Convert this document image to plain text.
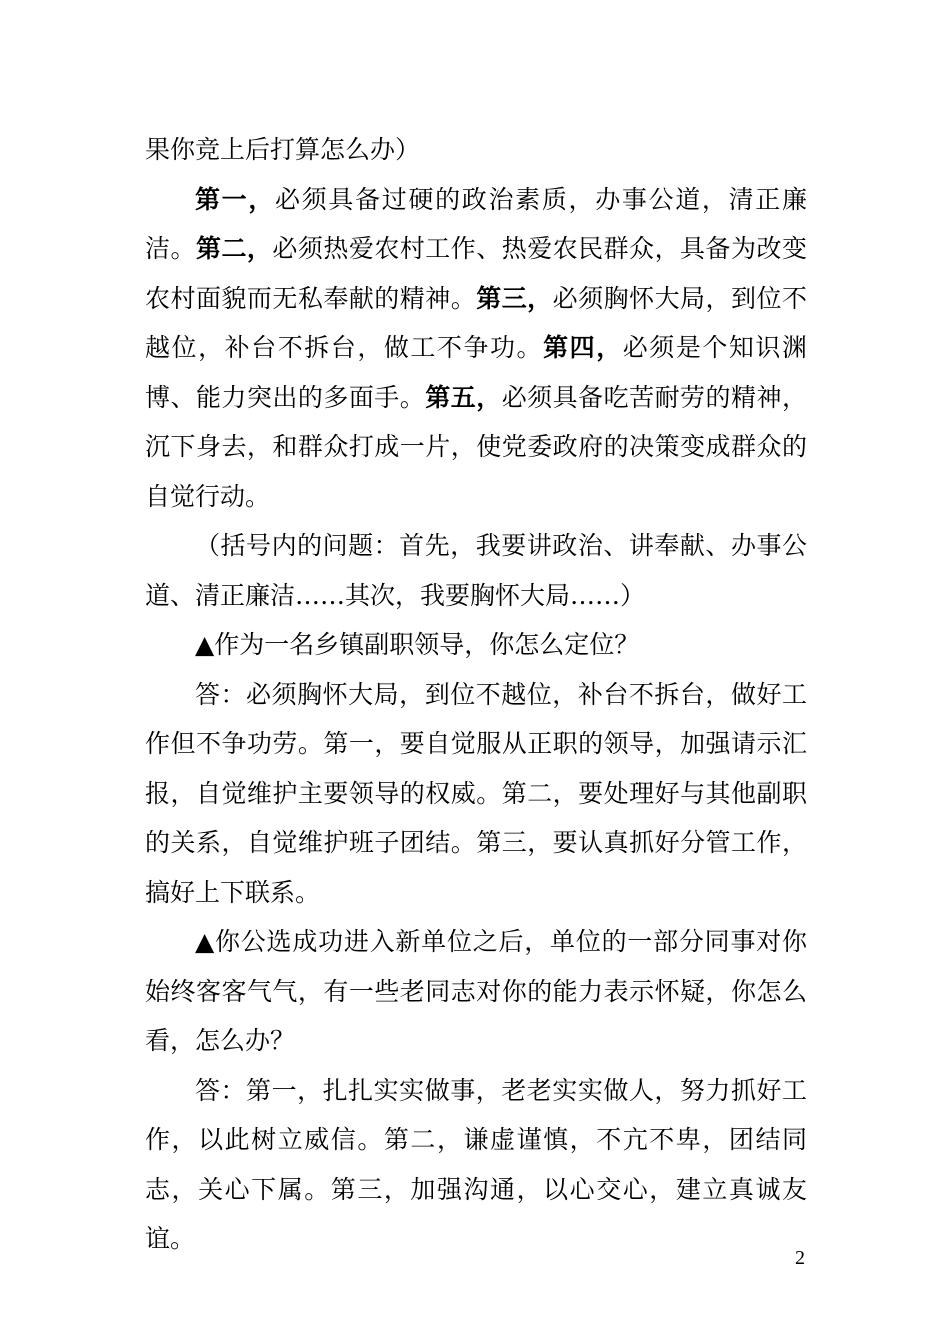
果你竞上后打算怎么办）

第一，必须具备过硬的政治素质，办事公道，清正廉洁。第二，必须热爱农村工作、热爱农民群众，具备为改变农村面貌而无私奉献的精神。第三，必须胸怀大局，到位不越位，补台不拆台，做工不争功。第四，必须是个知识渊博、能力突出的多面手。第五，必须具备吃苦耐劳的精神，沉下身去，和群众打成一片，使党委政府的决策变成群众的自觉行动。

（括号内的问题：首先，我要讲政治、讲奉献、办事公道、清正廉洁……其次，我要胸怀大局……）

▲作为一名乡镇副职领导，你怎么定位？

答：必须胸怀大局，到位不越位，补台不拆台，做好工作但不争功劳。第一，要自觉服从正职的领导，加强请示汇报，自觉维护主要领导的权威。第二，要处理好与其他副职的关系，自觉维护班子团结。第三，要认真抓好分管工作，搞好上下联系。

▲你公选成功进入新单位之后，单位的一部分同事对你始终客客气气，有一些老同志对你的能力表示怀疑，你怎么看，怎么办？

答：第一，扎扎实实做事，老老实实做人，努力抓好工作，以此树立威信。第二，谦虚谨慎，不亢不卑，团结同志，关心下属。第三，加强沟通，以心交心，建立真诚友谊。

2
